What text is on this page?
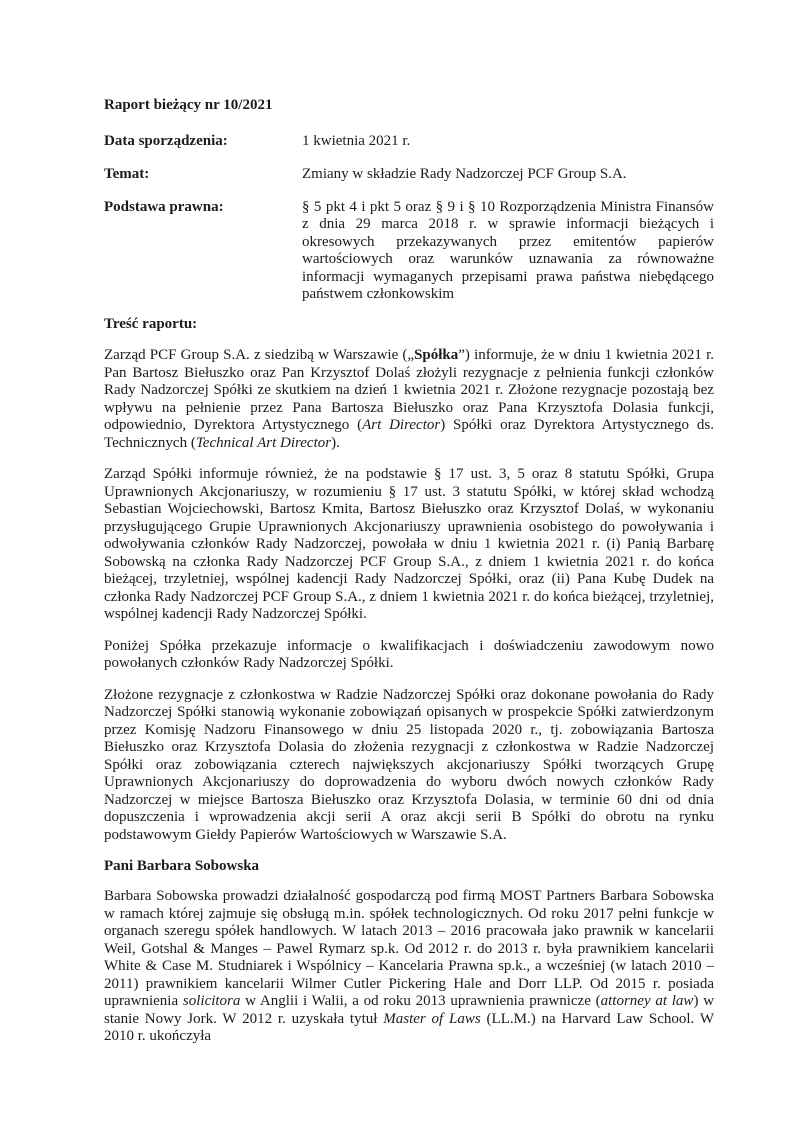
Raport bieżący nr 10/2021

Data sporządzenia:	1 kwietnia 2021 r.
Temat:	Zmiany w składzie Rady Nadzorczej PCF Group S.A.
Podstawa prawna:	§ 5 pkt 4 i pkt 5 oraz § 9 i § 10 Rozporządzenia Ministra Finansów z dnia 29 marca 2018 r. w sprawie informacji bieżących i okresowych przekazywanych przez emitentów papierów wartościowych oraz warunków uznawania za równoważne informacji wymaganych przepisami prawa państwa niebędącego państwem członkowskim

Treść raportu:

Zarząd PCF Group S.A. z siedzibą w Warszawie („Spółka”) informuje, że w dniu 1 kwietnia 2021 r. Pan Bartosz Biełuszko oraz Pan Krzysztof Dolaś złożyli rezygnacje z pełnienia funkcji członków Rady Nadzorczej Spółki ze skutkiem na dzień 1 kwietnia 2021 r. Złożone rezygnacje pozostają bez wpływu na pełnienie przez Pana Bartosza Biełuszko oraz Pana Krzysztofa Dolasia funkcji, odpowiednio, Dyrektora Artystycznego (Art Director) Spółki oraz Dyrektora Artystycznego ds. Technicznych (Technical Art Director).

Zarząd Spółki informuje również, że na podstawie § 17 ust. 3, 5 oraz 8 statutu Spółki, Grupa Uprawnionych Akcjonariuszy, w rozumieniu § 17 ust. 3 statutu Spółki, w której skład wchodzą Sebastian Wojciechowski, Bartosz Kmita, Bartosz Biełuszko oraz Krzysztof Dolaś, w wykonaniu przysługującego Grupie Uprawnionych Akcjonariuszy uprawnienia osobistego do powoływania i odwoływania członków Rady Nadzorczej, powołała w dniu 1 kwietnia 2021 r. (i) Panią Barbarę Sobowską na członka Rady Nadzorczej PCF Group S.A., z dniem 1 kwietnia 2021 r. do końca bieżącej, trzyletniej, wspólnej kadencji Rady Nadzorczej Spółki, oraz (ii) Pana Kubę Dudek na członka Rady Nadzorczej PCF Group S.A., z dniem 1 kwietnia 2021 r. do końca bieżącej, trzyletniej, wspólnej kadencji Rady Nadzorczej Spółki.

Poniżej Spółka przekazuje informacje o kwalifikacjach i doświadczeniu zawodowym nowo powołanych członków Rady Nadzorczej Spółki.

Złożone rezygnacje z członkostwa w Radzie Nadzorczej Spółki oraz dokonane powołania do Rady Nadzorczej Spółki stanowią wykonanie zobowiązań opisanych w prospekcie Spółki zatwierdzonym przez Komisję Nadzoru Finansowego w dniu 25 listopada 2020 r., tj. zobowiązania Bartosza Biełuszko oraz Krzysztofa Dolasia do złożenia rezygnacji z członkostwa w Radzie Nadzorczej Spółki oraz zobowiązania czterech największych akcjonariuszy Spółki tworzących Grupę Uprawnionych Akcjonariuszy do doprowadzenia do wyboru dwóch nowych członków Rady Nadzorczej w miejsce Bartosza Biełuszko oraz Krzysztofa Dolasia, w terminie 60 dni od dnia dopuszczenia i wprowadzenia akcji serii A oraz akcji serii B Spółki do obrotu na rynku podstawowym Giełdy Papierów Wartościowych w Warszawie S.A.

Pani Barbara Sobowska

Barbara Sobowska prowadzi działalność gospodarczą pod firmą MOST Partners Barbara Sobowska w ramach której zajmuje się obsługą m.in. spółek technologicznych. Od roku 2017 pełni funkcje w organach szeregu spółek handlowych. W latach 2013 – 2016 pracowała jako prawnik w kancelarii Weil, Gotshal & Manges – Pawel Rymarz sp.k. Od 2012 r. do 2013 r. była prawnikiem kancelarii White & Case M. Studniarek i Wspólnicy – Kancelaria Prawna sp.k., a wcześniej (w latach 2010 – 2011) prawnikiem kancelarii Wilmer Cutler Pickering Hale and Dorr LLP. Od 2015 r. posiada uprawnienia solicitora w Anglii i Walii, a od roku 2013 uprawnienia prawnicze (attorney at law) w stanie Nowy Jork. W 2012 r. uzyskała tytuł Master of Laws (LL.M.) na Harvard Law School. W 2010 r. ukończyła
